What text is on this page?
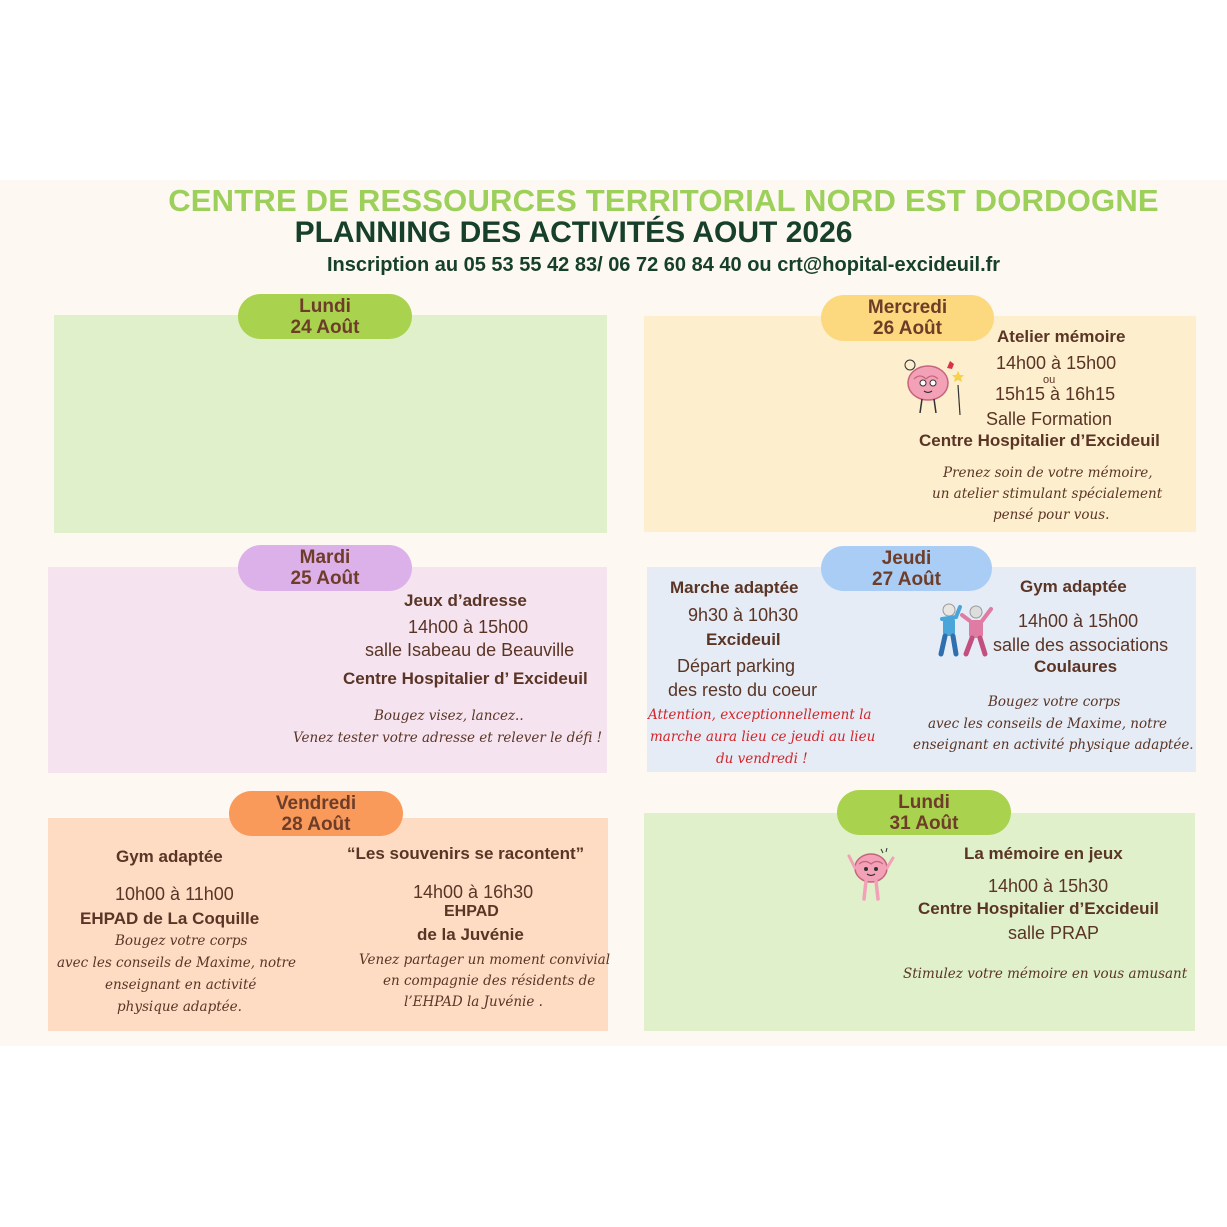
CENTRE DE RESSOURCES TERRITORIAL NORD EST DORDOGNE
PLANNING DES ACTIVITÉS AOUT 2026
Inscription au 05 53 55 42 83/ 06 72 60 84 40 ou crt@hopital-excideuil.fr
Lundi
24 Août
Mercredi
26 Août	Atelier mémoire
14h00 à 15h00
ou
15h15 à 16h15
Salle Formation
Centre Hospitalier d’Excideuil
Prenez soin de votre mémoire,
un atelier stimulant spécialement
pensé pour vous.
Mardi
25 Août
Jeux d’adresse
14h00 à 15h00
salle Isabeau de Beauville
Centre Hospitalier d’ Excideuil
Bougez visez, lancez..
Venez tester votre adresse et relever le défi !
Jeudi
27 Août
Marche adaptée
9h30 à 10h30
Excideuil
Départ parking
des resto du coeur
Attention, exceptionnellement la
marche aura lieu ce jeudi au lieu
du vendredi !
Gym adaptée
14h00 à 15h00
salle des associations
Coulaures
Bougez votre corps
avec les conseils de Maxime, notre
enseignant en activité physique adaptée.
Vendredi
28 Août
Gym adaptée
10h00 à 11h00
EHPAD de La Coquille
Bougez votre corps
avec les conseils de Maxime, notre
enseignant en activité
physique adaptée.
“Les souvenirs se racontent”
14h00 à 16h30
EHPAD
de la Juvénie
Venez partager un moment convivial
en compagnie des résidents de
l’EHPAD la Juvénie .
Lundi
31 Août
La mémoire en jeux
14h00 à 15h30
Centre Hospitalier d’Excideuil
salle PRAP
Stimulez votre mémoire en vous amusant
